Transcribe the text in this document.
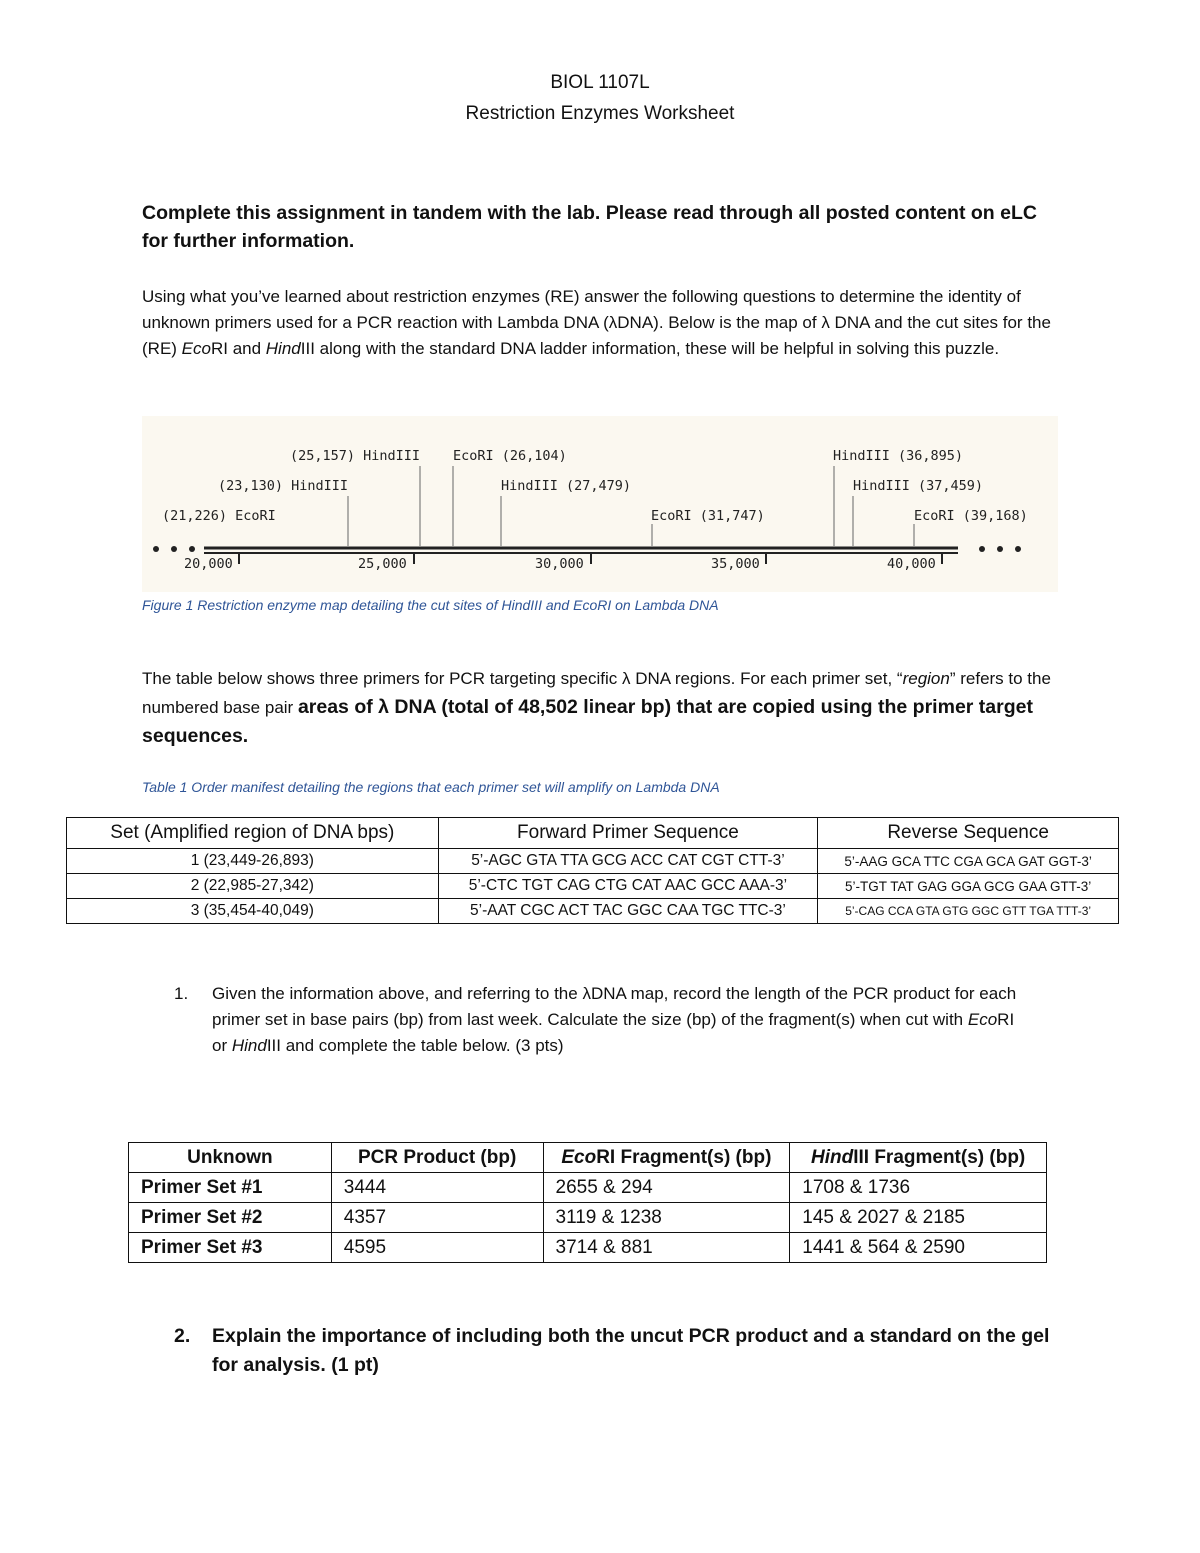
BIOL 1107L
Restriction Enzymes Worksheet
Complete this assignment in tandem with the lab. Please read through all posted content on eLC for further information.
Using what you’ve learned about restriction enzymes (RE) answer the following questions to determine the identity of unknown primers used for a PCR reaction with Lambda DNA (λDNA). Below is the map of λ DNA and the cut sites for the (RE) EcoRI and HindIII along with the standard DNA ladder information, these will be helpful in solving this puzzle.
20,000	25,000	30,000	35,000	40,000
(21,226) EcoRI
(23,130) HindIII
(25,157) HindIII EcoRI (26,104)
HindIII (27,479)
EcoRI (31,747)
HindIII (36,895)
HindIII (37,459)
EcoRI (39,168)
Figure 1 Restriction enzyme map detailing the cut sites of HindIII and EcoRI on Lambda DNA
The table below shows three primers for PCR targeting specific λ DNA regions. For each primer set, “region” refers to the numbered base pair areas of λ DNA (total of 48,502 linear bp) that are copied using the primer target sequences.
Table 1 Order manifest detailing the regions that each primer set will amplify on Lambda DNA
Set (Amplified region of DNA bps)	Forward Primer Sequence	Reverse Sequence
1 (23,449-26,893)	5’-AGC GTA TTA GCG ACC CAT CGT CTT-3’	5’-AAG GCA TTC CGA GCA GAT GGT-3’
2 (22,985-27,342)	5’-CTC TGT CAG CTG CAT AAC GCC AAA-3’	5’-TGT TAT GAG GGA GCG GAA GTT-3’
3 (35,454-40,049)	5’-AAT CGC ACT TAC GGC CAA TGC TTC-3’	5’-CAG CCA GTA GTG GGC GTT TGA TTT-3’
1. Given the information above, and referring to the λDNA map, record the length of the PCR product for each primer set in base pairs (bp) from last week. Calculate the size (bp) of the fragment(s) when cut with EcoRI or HindIII and complete the table below. (3 pts)
Unknown	PCR Product (bp)	EcoRI Fragment(s) (bp)	HindIII Fragment(s) (bp)
Primer Set #1	3444	2655 & 294	1708 & 1736
Primer Set #2	4357	3119 & 1238	145 & 2027 & 2185
Primer Set #3	4595	3714 & 881	1441 & 564 & 2590
2. Explain the importance of including both the uncut PCR product and a standard on the gel for analysis. (1 pt)
